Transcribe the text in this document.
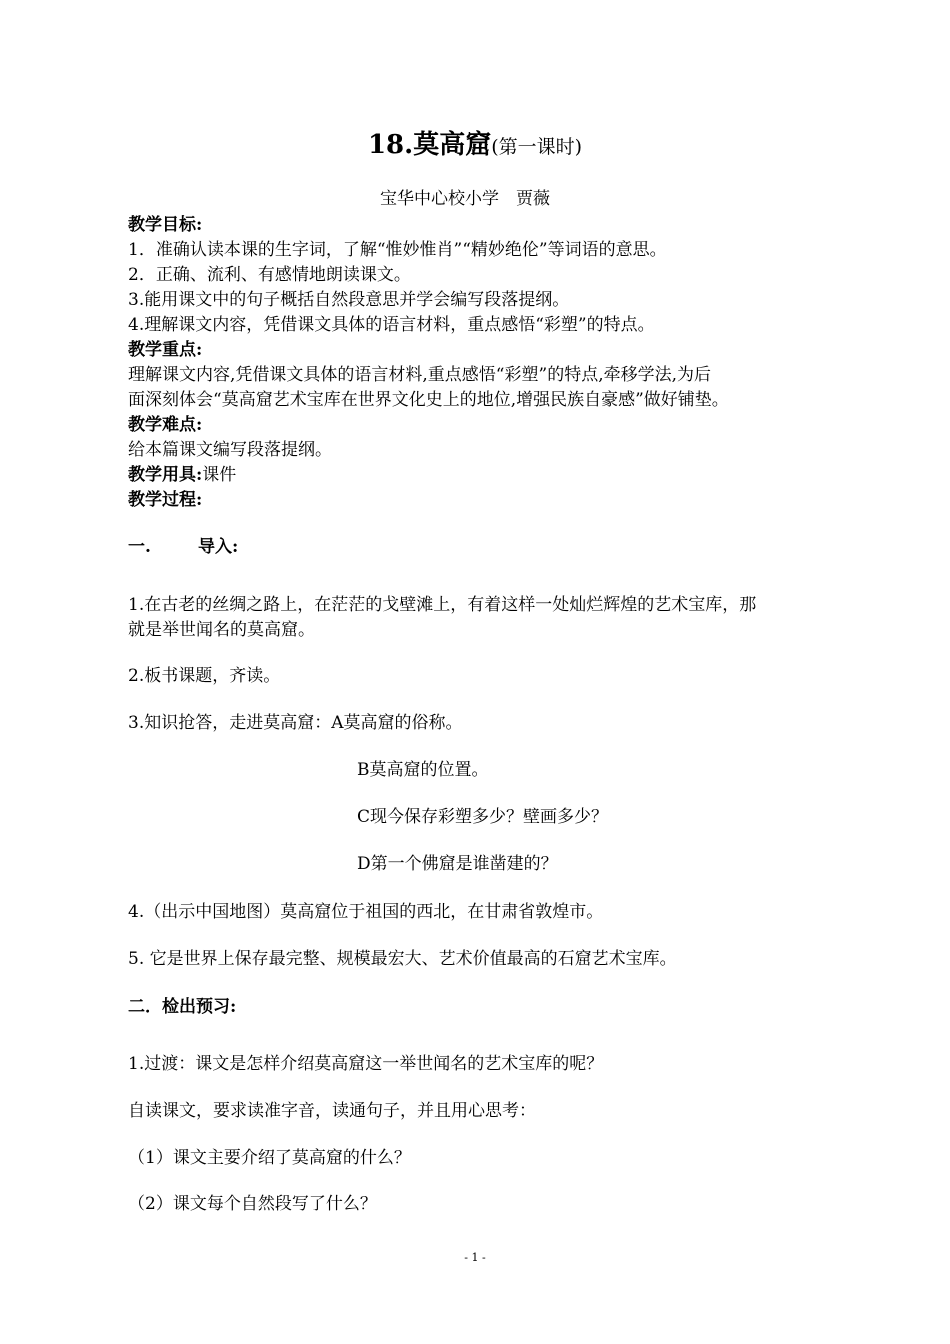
18.莫高窟(第一课时)
宝华中心校小学　贾薇
教学目标:
1．准确认读本课的生字词，了解“惟妙惟肖”“精妙绝伦”等词语的意思。
2．正确、流利、有感情地朗读课文。
3.能用课文中的句子概括自然段意思并学会编写段落提纲。
4.理解课文内容，凭借课文具体的语言材料，重点感悟“彩塑”的特点。
教学重点:
理解课文内容,凭借课文具体的语言材料,重点感悟“彩塑”的特点,牵移学法,为后
面深刻体会“莫高窟艺术宝库在世界文化史上的地位,增强民族自豪感”做好铺垫。
教学难点:
给本篇课文编写段落提纲。
教学用具:课件
教学过程:
一.	导入:
1.在古老的丝绸之路上，在茫茫的戈壁滩上，有着这样一处灿烂辉煌的艺术宝库，那
就是举世闻名的莫高窟。
2.板书课题，齐读。
3.知识抢答，走进莫高窟：A莫高窟的俗称。
B莫高窟的位置。
C现今保存彩塑多少？壁画多少？
D第一个佛窟是谁凿建的？
4.（出示中国地图）莫高窟位于祖国的西北，在甘肃省敦煌市。
5. 它是世界上保存最完整、规模最宏大、艺术价值最高的石窟艺术宝库。
二．检出预习:
1.过渡：课文是怎样介绍莫高窟这一举世闻名的艺术宝库的呢？
自读课文，要求读准字音，读通句子，并且用心思考：
（1）课文主要介绍了莫高窟的什么？
（2）课文每个自然段写了什么？
- 1 -
